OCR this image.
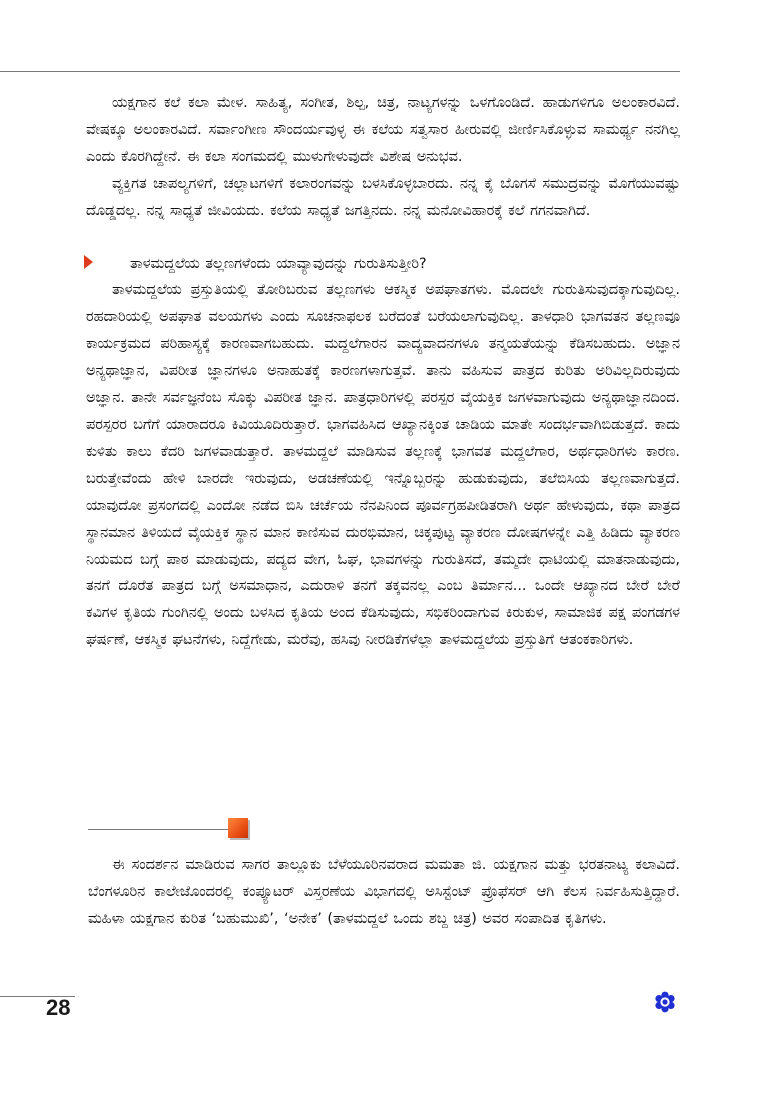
ಯಕ್ಷಗಾನ ಕಲೆ ಕಲಾ ಮೇಳ. ಸಾಹಿತ್ಯ, ಸಂಗೀತ, ಶಿಲ್ಪ, ಚಿತ್ರ, ನಾಟ್ಯಗಳನ್ನು ಒಳಗೊಂಡಿದೆ. ಹಾಡುಗಳಿಗೂ ಅಲಂಕಾರವಿದೆ. ವೇಷಕ್ಕೂ ಅಲಂಕಾರವಿದೆ. ಸರ್ವಾಂಗೀಣ ಸೌಂದರ್ಯವುಳ್ಳ ಈ ಕಲೆಯ ಸತ್ವಸಾರ ಹೀರುವಲ್ಲಿ ಜೀರ್ಣಿಸಿಕೊಳ್ಳುವ ಸಾಮರ್ಥ್ಯ ನನಗಿಲ್ಲ ಎಂದು ಕೊರಗಿದ್ದೇನೆ. ಈ ಕಲಾ ಸಂಗಮದಲ್ಲಿ ಮುಳುಗೇಳುವುದೇ ವಿಶೇಷ ಅನುಭವ.

ವ್ಯಕ್ತಿಗತ ಚಾಪಲ್ಯಗಳಿಗೆ, ಚಲ್ಲಾಟಗಳಿಗೆ ಕಲಾರಂಗವನ್ನು ಬಳಸಿಕೊಳ್ಳಬಾರದು. ನನ್ನ ಕೈ ಬೊಗಸೆ ಸಮುದ್ರವನ್ನು ಮೊಗೆಯುವಷ್ಟು ದೊಡ್ಡದಲ್ಲ. ನನ್ನ ಸಾಧ್ಯತೆ ಜೀವಿಯದು. ಕಲೆಯ ಸಾಧ್ಯತೆ ಜಗತ್ತಿನದು. ನನ್ನ ಮನೋವಿಹಾರಕ್ಕೆ ಕಲೆ ಗಗನವಾಗಿದೆ.

ತಾಳಮದ್ದಲೆಯ ತಲ್ಲಣಗಳೆಂದು ಯಾವ್ಯಾವುದನ್ನು ಗುರುತಿಸುತ್ತೀರಿ?

ತಾಳಮದ್ದಲೆಯ ಪ್ರಸ್ತುತಿಯಲ್ಲಿ ತೋರಿಬರುವ ತಲ್ಲಣಗಳು ಆಕಸ್ಮಿಕ ಅಪಘಾತಗಳು. ಮೊದಲೇ ಗುರುತಿಸುವುದಕ್ಕಾಗುವುದಿಲ್ಲ. ರಹದಾರಿಯಲ್ಲಿ ಅಪಘಾತ ವಲಯಗಳು ಎಂದು ಸೂಚನಾಫಲಕ ಬರೆದಂತೆ ಬರೆಯಲಾಗುವುದಿಲ್ಲ. ತಾಳಧಾರಿ ಭಾಗವತನ ತಲ್ಲಣವೂ ಕಾರ್ಯಕ್ರಮದ ಪರಿಹಾಸ್ಯಕ್ಕೆ ಕಾರಣವಾಗಬಹುದು. ಮದ್ದಲೆಗಾರನ ವಾದ್ಯವಾದನಗಳೂ ತನ್ಮಯತೆಯನ್ನು ಕೆಡಿಸಬಹುದು. ಅಜ್ಞಾನ ಅನ್ಯಥಾಜ್ಞಾನ, ವಿಪರೀತ ಜ್ಞಾನಗಳೂ ಅನಾಹುತಕ್ಕೆ ಕಾರಣಗಳಾಗುತ್ತವೆ. ತಾನು ವಹಿಸುವ ಪಾತ್ರದ ಕುರಿತು ಅರಿವಿಲ್ಲದಿರುವುದು ಅಜ್ಞಾನ. ತಾನೇ ಸರ್ವಜ್ಞನೆಂಬ ಸೊಕ್ಕು ವಿಪರೀತ ಜ್ಞಾನ. ಪಾತ್ರಧಾರಿಗಳಲ್ಲಿ ಪರಸ್ಪರ ವೈಯಕ್ತಿಕ ಜಗಳವಾಗುವುದು ಅನ್ಯಥಾಜ್ಞಾನದಿಂದ. ಪರಸ್ಪರರ ಬಗೆಗೆ ಯಾರಾದರೂ ಕಿವಿಯೂದಿರುತ್ತಾರೆ. ಭಾಗವಹಿಸಿದ ಆಖ್ಯಾನಕ್ಕಿಂತ ಚಾಡಿಯ ಮಾತೇ ಸಂದರ್ಭವಾಗಿಬಿಡುತ್ತದೆ. ಕಾದು ಕುಳಿತು ಕಾಲು ಕೆದರಿ ಜಗಳವಾಡುತ್ತಾರೆ. ತಾಳಮದ್ದಲೆ ಮಾಡಿಸುವ ತಲ್ಲಣಕ್ಕೆ ಭಾಗವತ ಮದ್ದಲೆಗಾರ, ಅರ್ಥಧಾರಿಗಳು ಕಾರಣ. ಬರುತ್ತೇವೆಂದು ಹೇಳಿ ಬಾರದೇ ಇರುವುದು, ಅಡಚಣೆಯಲ್ಲಿ ಇನ್ನೊಬ್ಬರನ್ನು ಹುಡುಕುವುದು, ತಲೆಬಿಸಿಯ ತಲ್ಲಣವಾಗುತ್ತದೆ. ಯಾವುದೋ ಪ್ರಸಂಗದಲ್ಲಿ ಎಂದೋ ನಡೆದ ಬಿಸಿ ಚರ್ಚೆಯ ನೆನಪಿನಿಂದ ಪೂರ್ವಗ್ರಹಪೀಡಿತರಾಗಿ ಅರ್ಥ ಹೇಳುವುದು, ಕಥಾ ಪಾತ್ರದ ಸ್ಥಾನಮಾನ ತಿಳಿಯದೆ ವೈಯಕ್ತಿಕ ಸ್ಥಾನ ಮಾನ ಕಾಣಿಸುವ ದುರಭಿಮಾನ, ಚಿಕ್ಕಪುಟ್ಟ ವ್ಯಾಕರಣ ದೋಷಗಳನ್ನೇ ಎತ್ತಿ ಹಿಡಿದು ವ್ಯಾಕರಣ ನಿಯಮದ ಬಗ್ಗೆ ಪಾಠ ಮಾಡುವುದು, ಪದ್ಯದ ವೇಗ, ಓಘ, ಭಾವಗಳನ್ನು ಗುರುತಿಸದೆ, ತಮ್ಮದೇ ಧಾಟಿಯಲ್ಲಿ ಮಾತನಾಡುವುದು, ತನಗೆ ದೊರೆತ ಪಾತ್ರದ ಬಗ್ಗೆ ಅಸಮಾಧಾನ, ಎದುರಾಳಿ ತನಗೆ ತಕ್ಕವನಲ್ಲ ಎಂಬ ತಿರ್ಮಾನ... ಒಂದೇ ಆಖ್ಯಾನದ ಬೇರೆ ಬೇರೆ ಕವಿಗಳ ಕೃತಿಯ ಗುಂಗಿನಲ್ಲಿ ಅಂದು ಬಳಸಿದ ಕೃತಿಯ ಅಂದ ಕೆಡಿಸುವುದು, ಸಭಿಕರಿಂದಾಗುವ ಕಿರುಕುಳ, ಸಾಮಾಜಿಕ ಪಕ್ಷ ಪಂಗಡಗಳ ಘರ್ಷಣೆ, ಆಕಸ್ಮಿಕ ಘಟನೆಗಳು, ನಿದ್ದೆಗೇಡು, ಮರೆವು, ಹಸಿವು ನೀರಡಿಕೆಗಳೆಲ್ಲಾ ತಾಳಮದ್ದಲೆಯ ಪ್ರಸ್ತುತಿಗೆ ಆತಂಕಕಾರಿಗಳು.

ಈ ಸಂದರ್ಶನ ಮಾಡಿರುವ ಸಾಗರ ತಾಲ್ಲೂಕು ಬೆಳೆಯೂರಿನವರಾದ ಮಮತಾ ಜಿ. ಯಕ್ಷಗಾನ ಮತ್ತು ಭರತನಾಟ್ಯ ಕಲಾವಿದೆ. ಬೆಂಗಳೂರಿನ ಕಾಲೇಜೊಂದರಲ್ಲಿ ಕಂಪ್ಯೂಟರ್ ವಿಸ್ತರಣೆಯ ವಿಭಾಗದಲ್ಲಿ ಅಸಿಸ್ಟೆಂಟ್ ಪ್ರೊಫೆಸರ್ ಆಗಿ ಕೆಲಸ ನಿರ್ವಹಿಸುತ್ತಿದ್ದಾರೆ. ಮಹಿಳಾ ಯಕ್ಷಗಾನ ಕುರಿತ ‘ಬಹುಮುಖಿ’, ‘ಅನೇಕ’ (ತಾಳಮದ್ದಲೆ ಒಂದು ಶಬ್ದ ಚಿತ್ರ) ಅವರ ಸಂಪಾದಿತ ಕೃತಿಗಳು.

28
